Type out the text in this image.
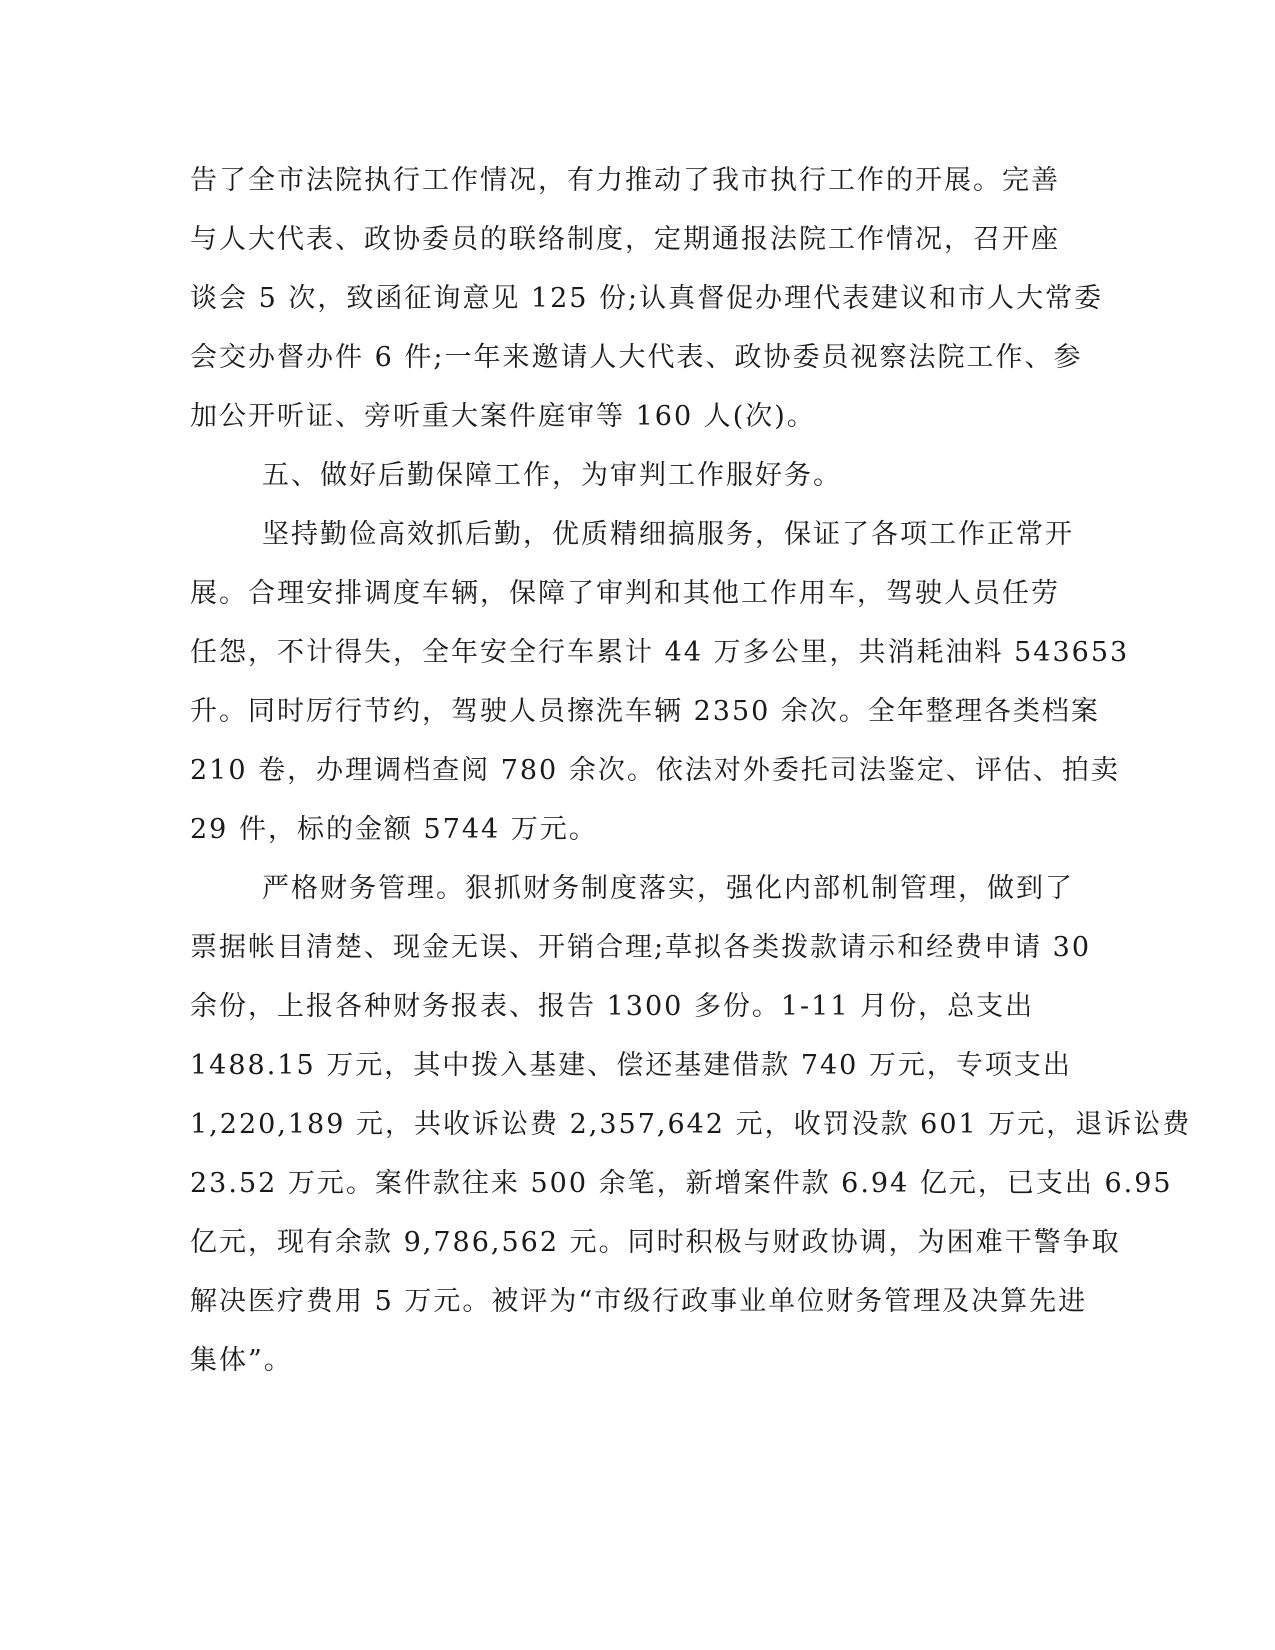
告了全市法院执行工作情况，有力推动了我市执行工作的开展。完善

与人大代表、政协委员的联络制度，定期通报法院工作情况，召开座

谈会 5 次，致函征询意见 125 份;认真督促办理代表建议和市人大常委

会交办督办件 6 件;一年来邀请人大代表、政协委员视察法院工作、参

加公开听证、旁听重大案件庭审等 160 人(次)。

五、做好后勤保障工作，为审判工作服好务。

坚持勤俭高效抓后勤，优质精细搞服务，保证了各项工作正常开

展。合理安排调度车辆，保障了审判和其他工作用车，驾驶人员任劳

任怨，不计得失，全年安全行车累计 44 万多公里，共消耗油料 543653

升。同时厉行节约，驾驶人员擦洗车辆 2350 余次。全年整理各类档案

210 卷，办理调档查阅 780 余次。依法对外委托司法鉴定、评估、拍卖

29 件，标的金额 5744 万元。

严格财务管理。狠抓财务制度落实，强化内部机制管理，做到了

票据帐目清楚、现金无误、开销合理;草拟各类拨款请示和经费申请 30

余份，上报各种财务报表、报告 1300 多份。1-11 月份，总支出

1488.15 万元，其中拨入基建、偿还基建借款 740 万元，专项支出

1,220,189 元，共收诉讼费 2,357,642 元，收罚没款 601 万元，退诉讼费

23.52 万元。案件款往来 500 余笔，新增案件款 6.94 亿元，已支出 6.95

亿元，现有余款 9,786,562 元。同时积极与财政协调，为困难干警争取

解决医疗费用 5 万元。被评为“市级行政事业单位财务管理及决算先进

集体”。
